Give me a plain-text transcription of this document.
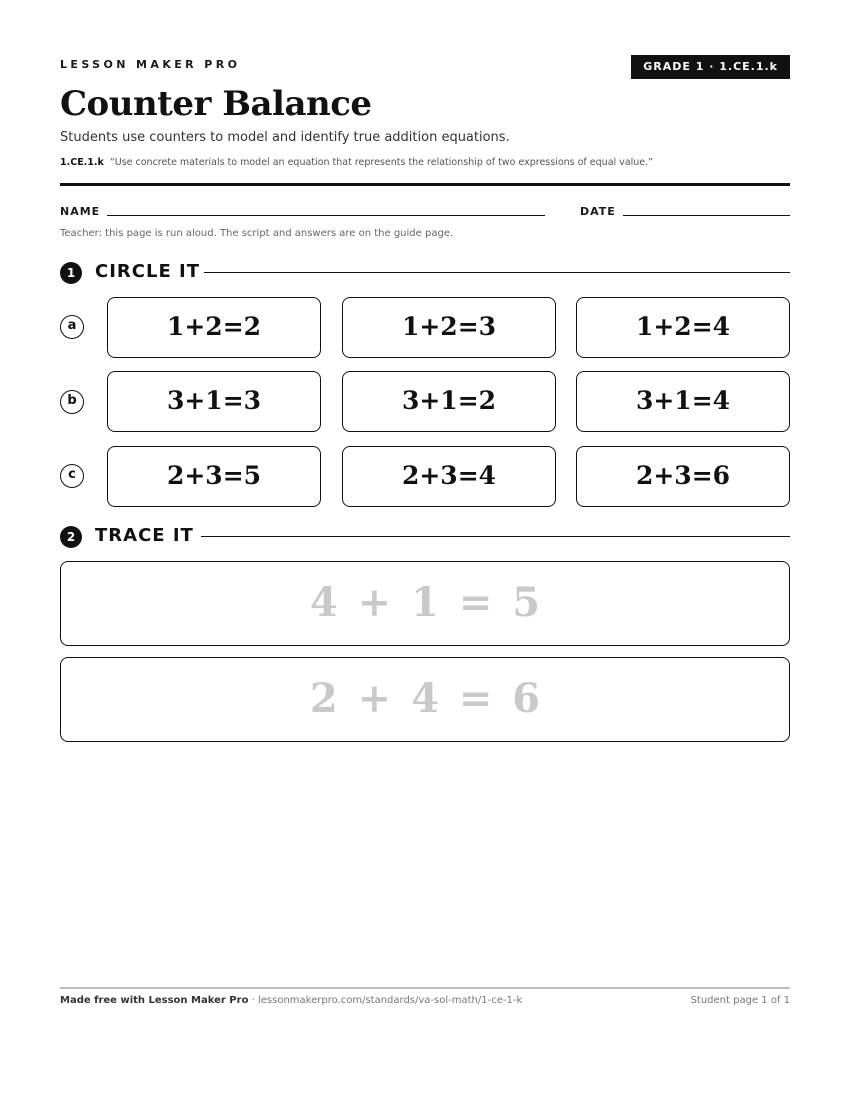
LESSON MAKER PRO	GRADE 1 · 1.CE.1.k
Counter Balance
Students use counters to model and identify true addition equations.
1.CE.1.k “Use concrete materials to model an equation that represents the relationship of two expressions of equal value.”
NAME	DATE
Teacher: this page is run aloud. The script and answers are on the guide page.
1	CIRCLE IT
a	1+2=2	1+2=3	1+2=4
b	3+1=3	3+1=2	3+1=4
c	2+3=5	2+3=4	2+3=6
2	TRACE IT
4 + 1 = 5
2 + 4 = 6
Made free with Lesson Maker Pro · lessonmakerpro.com/standards/va-sol-math/1-ce-1-k	Student page 1 of 1
